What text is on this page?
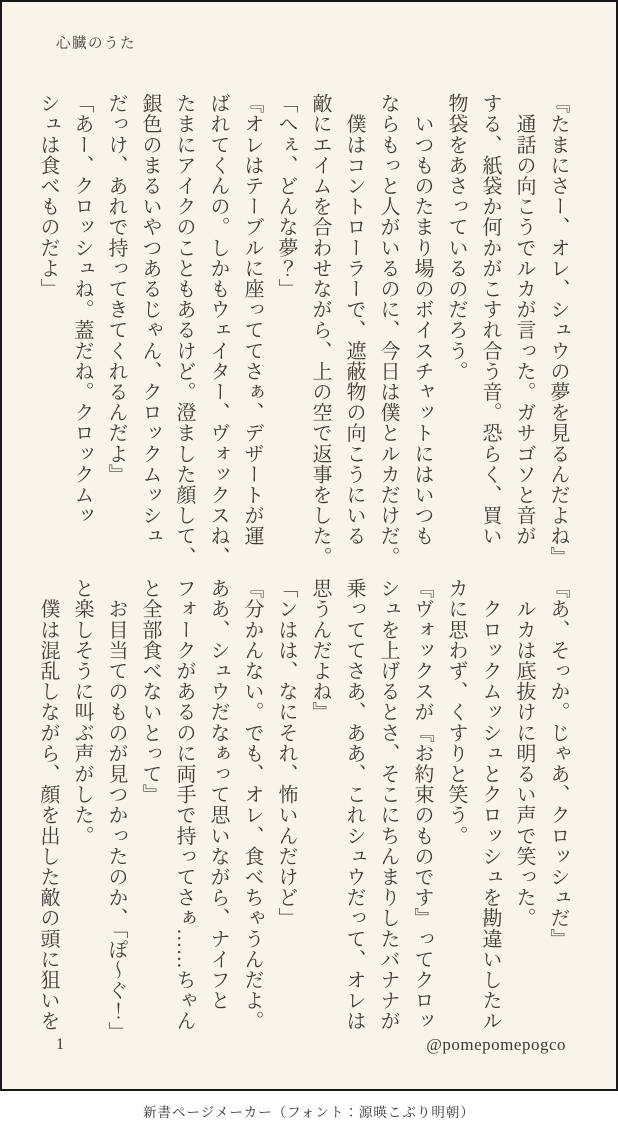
心臓のうた
『たまにさー、オレ、シュウの夢を見るんだよね』
　通話の向こうでルカが言った。ガサゴソと音が
する、紙袋か何かがこすれ合う音。恐らく、買い
物袋をあさっているのだろう。
　いつものたまり場のボイスチャットにはいつも
ならもっと人がいるのに、今日は僕とルカだけだ。
　僕はコントローラーで、遮蔽物の向こうにいる
敵にエイムを合わせながら、上の空で返事をした。
「へぇ、どんな夢？」
『オレはテーブルに座っててさぁ、デザートが運
ばれてくんの。しかもウェイター、ヴォックスね、
たまにアイクのこともあるけど。澄ました顔して、
銀色のまるいやつあるじゃん、クロックムッシュ
だっけ、あれで持ってきてくれるんだよ』
「あー、クロッシュね。蓋だね。クロックムッ
シュは食べものだよ」
『あ、そっか。じゃあ、クロッシュだ』
　ルカは底抜けに明るい声で笑った。
　クロックムッシュとクロッシュを勘違いしたル
カに思わず、くすりと笑う。
『ヴォックスが『お約束のものです』ってクロッ
シュを上げるとさ、そこにちんまりしたバナナが
乗っててさあ、ああ、これシュウだって、オレは
思うんだよね』
「ンはは、なにそれ、怖いんだけど」
『分かんない。でも、オレ、食べちゃうんだよ。
ああ、シュウだなぁって思いながら、ナイフと
フォークがあるのに両手で持ってさぁ……ちゃん
と全部食べないとって』
　お目当てのものが見つかったのか、「ぽ〜ぐ！」
と楽しそうに叫ぶ声がした。
　僕は混乱しながら、顔を出した敵の頭に狙いを
1	@pomepomepogco
新書ページメーカー（フォント：源暎こぶり明朝）
